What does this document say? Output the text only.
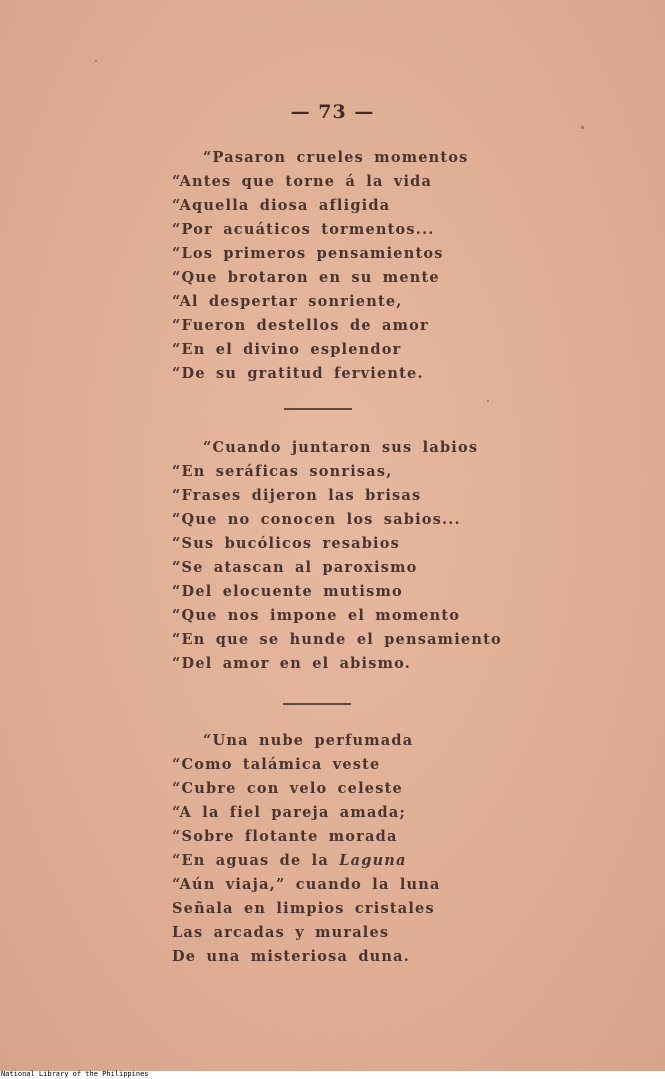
— 73 —
“Pasaron crueles momentos
“Antes que torne á la vida
“Aquella diosa afligida
“Por acuáticos tormentos...
“Los primeros pensamientos
“Que brotaron en su mente
“Al despertar sonriente,
“Fueron destellos de amor
“En el divino esplendor
“De su gratitud ferviente.
“Cuando juntaron sus labios
“En seráficas sonrisas,
“Frases dijeron las brisas
“Que no conocen los sabios...
“Sus bucólicos resabios
“Se atascan al paroxismo
“Del elocuente mutismo
“Que nos impone el momento
“En que se hunde el pensamiento
“Del amor en el abismo.
“Una nube perfumada
“Como talámica veste
“Cubre con velo celeste
“A la fiel pareja amada;
“Sobre flotante morada
“En aguas de la Laguna
“Aún viaja,” cuando la luna
Señala en limpios cristales
Las arcadas y murales
De una misteriosa duna.
National Library of the Philippines
